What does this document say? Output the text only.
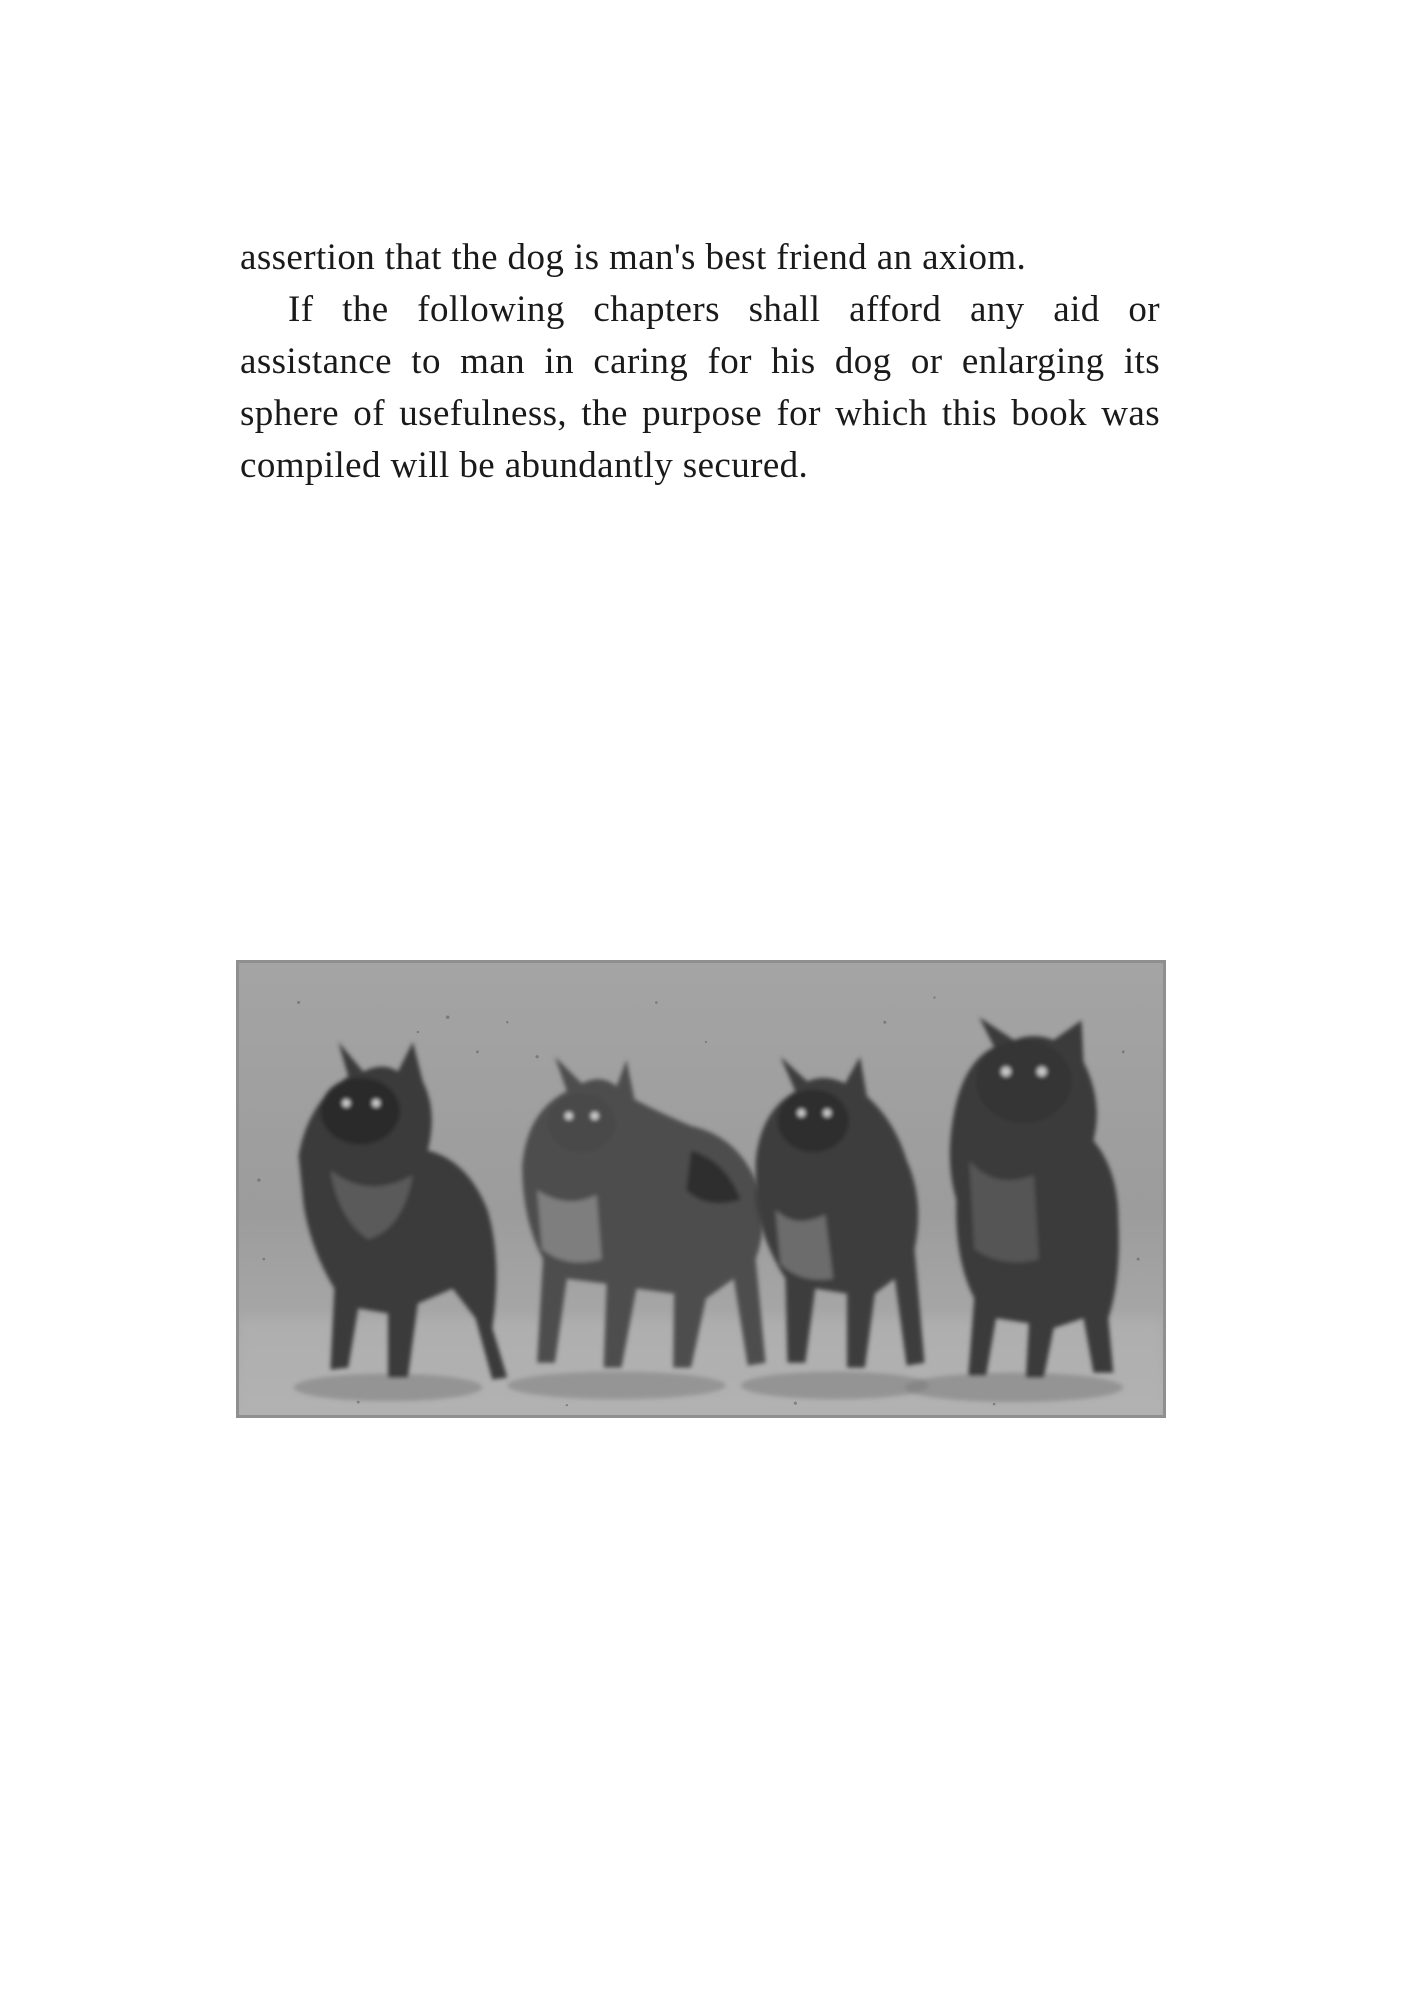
assertion that the dog is man's best friend an axiom.

If the following chapters shall afford any aid or assistance to man in caring for his dog or enlarging its sphere of usefulness, the purpose for which this book was compiled will be abundantly secured.
